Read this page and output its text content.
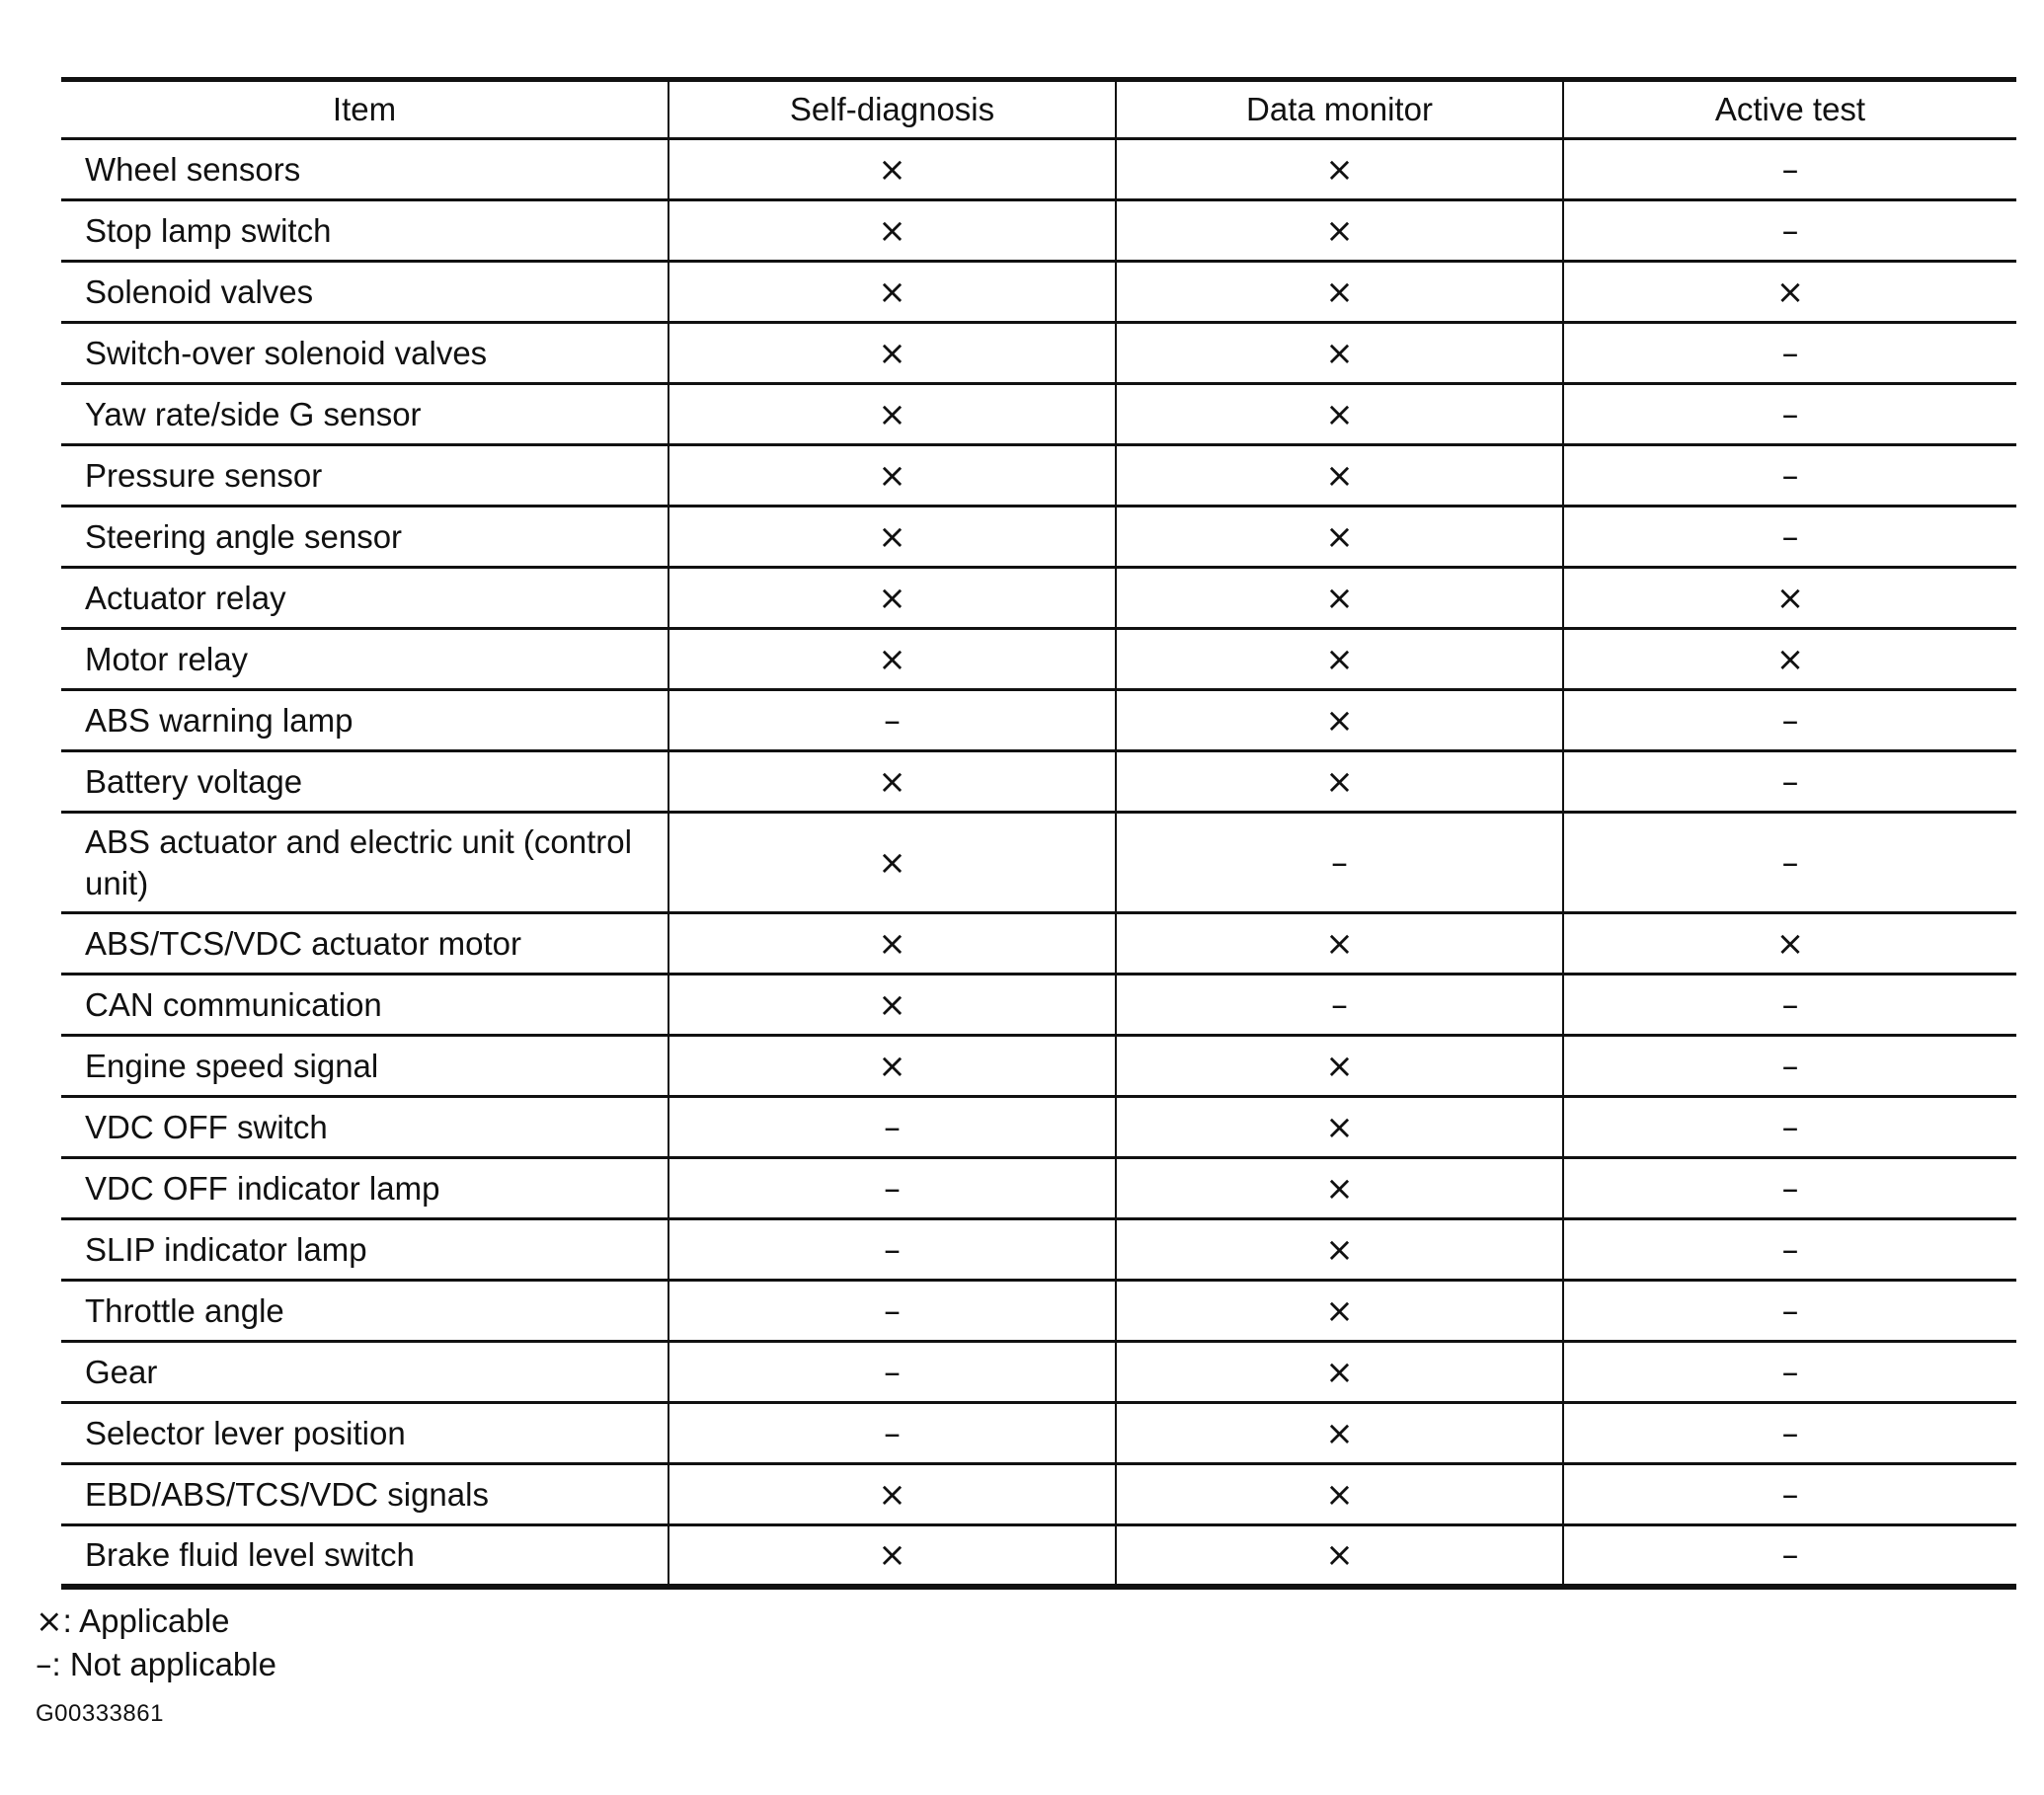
Item	Self-diagnosis	Data monitor	Active test
Wheel sensors	×	×	–
Stop lamp switch	×	×	–
Solenoid valves	×	×	×
Switch-over solenoid valves	×	×	–
Yaw rate/side G sensor	×	×	–
Pressure sensor	×	×	–
Steering angle sensor	×	×	–
Actuator relay	×	×	×
Motor relay	×	×	×
ABS warning lamp	–	×	–
Battery voltage	×	×	–
ABS actuator and electric unit (control unit)	×	–	–
ABS/TCS/VDC actuator motor	×	×	×
CAN communication	×	–	–
Engine speed signal	×	×	–
VDC OFF switch	–	×	–
VDC OFF indicator lamp	–	×	–
SLIP indicator lamp	–	×	–
Throttle angle	–	×	–
Gear	–	×	–
Selector lever position	–	×	–
EBD/ABS/TCS/VDC signals	×	×	–
Brake fluid level switch	×	×	–
×: Applicable
–: Not applicable
G00333861
